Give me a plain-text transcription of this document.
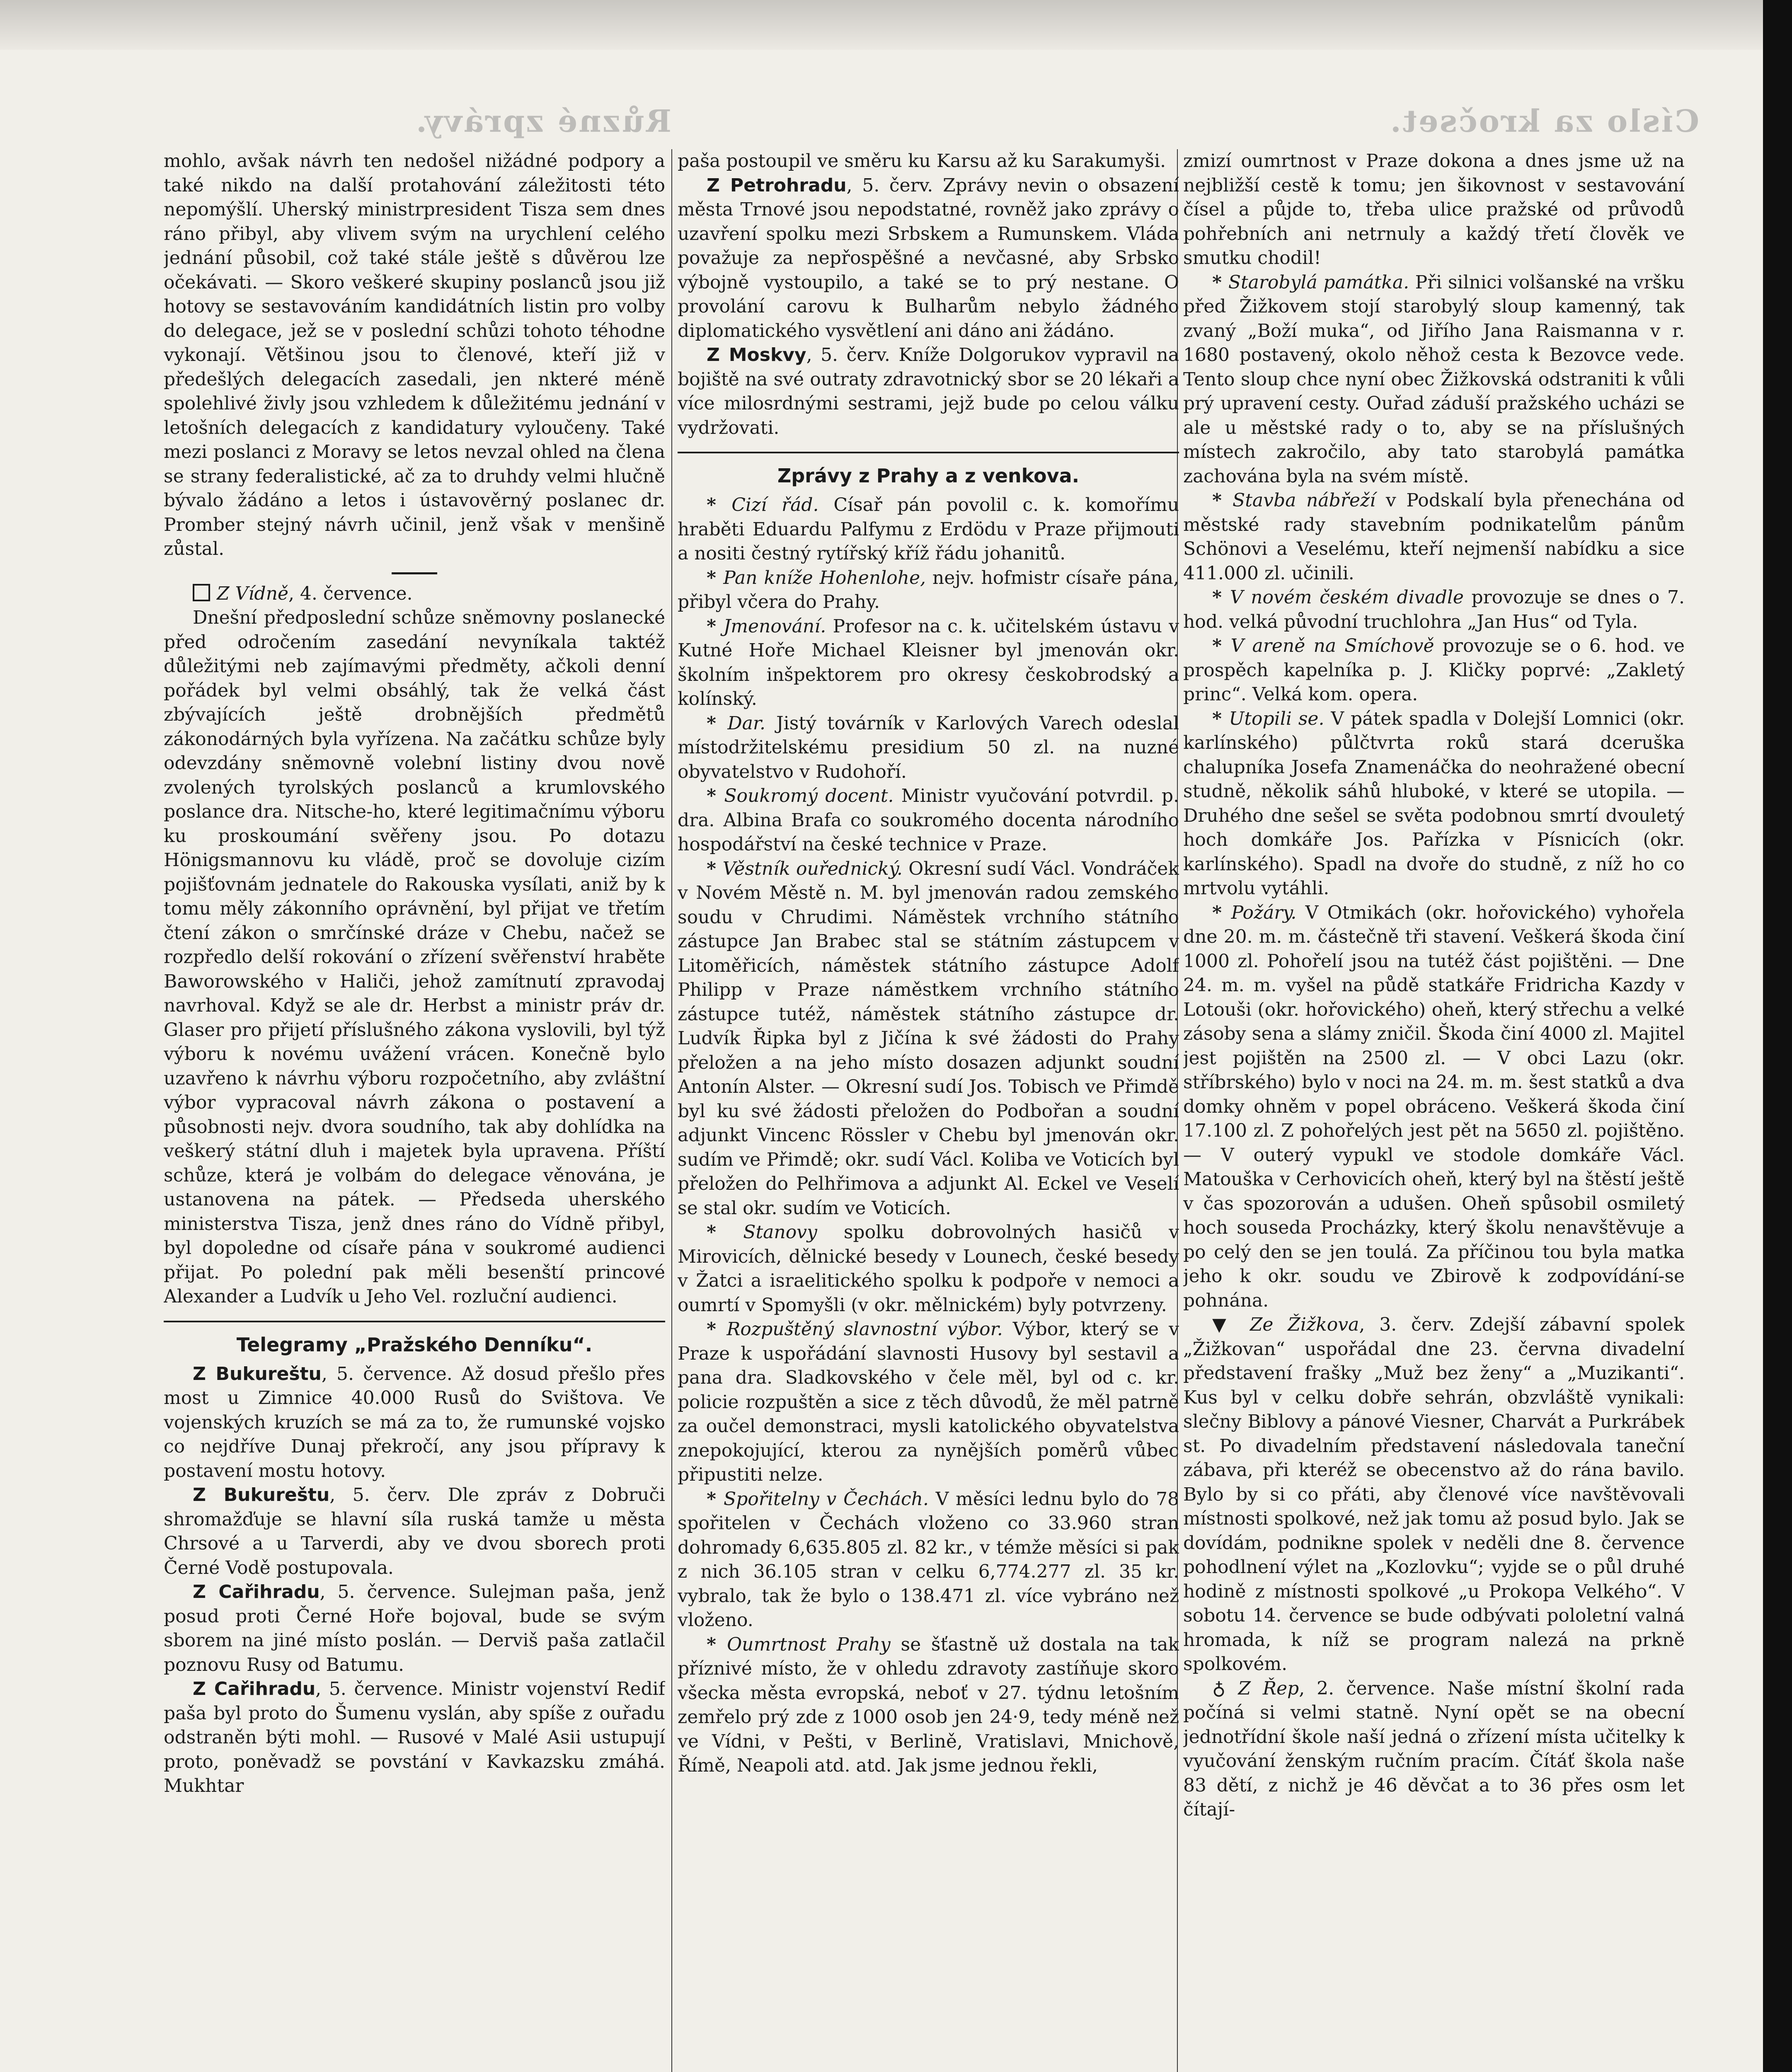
Různé zprávy.	Císlo za kročset.

mohlo, avšak návrh ten nedošel nižádné podpory a také nikdo na další protahování záležitosti této nepomýšlí. Uherský ministrpresident Tisza sem dnes ráno přibyl, aby vlivem svým na urychlení celého jednání působil, což také stále ještě s důvěrou lze očekávati. — Skoro veškeré skupiny poslanců jsou již hotovy se sestavováním kandidátních listin pro volby do delegace, jež se v poslední schůzi tohoto téhodne vykonají. Většinou jsou to členové, kteří již v předešlých delegacích zasedali, jen nkteré méně spolehlivé živly jsou vzhledem k důležitému jednání v letošních delegacích z kandidatury vyloučeny. Také mezi poslanci z Moravy se letos nevzal ohled na člena se strany federalistické, ač za to druhdy velmi hlučně bývalo žádáno a letos i ústavověrný poslanec dr. Promber stejný návrh učinil, jenž však v menšině zůstal.

Z Vídně, 4. července.

Dnešní předposlední schůze sněmovny poslanecké před odročením zasedání nevyníkala taktéž důležitými neb zajímavými předměty, ačkoli denní pořádek byl velmi obsáhlý, tak že velká část zbývajících ještě drobnějších předmětů zákonodárných byla vyřízena. Na začátku schůze byly odevzdány sněmovně volební listiny dvou nově zvolených tyrolských poslanců a krumlovského poslance dra. Nitsche-ho, které legitimačnímu výboru ku proskoumání svěřeny jsou. Po dotazu Hönigsmannovu ku vládě, proč se dovoluje cizím pojišťovnám jednatele do Rakouska vysílati, aniž by k tomu měly zákonního oprávnění, byl přijat ve třetím čtení zákon o smrčínské dráze v Chebu, načež se rozpředlo delší rokování o zřízení svěřenství hraběte Baworowského v Haliči, jehož zamítnutí zpravodaj navrhoval. Když se ale dr. Herbst a ministr práv dr. Glaser pro přijetí příslušného zákona vyslovili, byl týž výboru k novému uvážení vrácen. Konečně bylo uzavřeno k návrhu výboru rozpočetního, aby zvláštní výbor vypracoval návrh zákona o postavení a působnosti nejv. dvora soudního, tak aby dohlídka na veškerý státní dluh i majetek byla upravena. Příští schůze, která je volbám do delegace věnována, je ustanovena na pátek. — Předseda uherského ministerstva Tisza, jenž dnes ráno do Vídně přibyl, byl dopoledne od císaře pána v soukromé audienci přijat. Po polední pak měli besenští princové Alexander a Ludvík u Jeho Vel. rozluční audienci.

Telegramy „Pražského Denníku“.

Z Bukureštu, 5. července. Až dosud přešlo přes most u Zimnice 40.000 Rusů do Svištova. Ve vojenských kruzích se má za to, že rumunské vojsko co nejdříve Dunaj překročí, any jsou přípravy k postavení mostu hotovy.

Z Bukureštu, 5. červ. Dle zpráv z Dobruči shromažďuje se hlavní síla ruská tamže u města Chrsové a u Tarverdi, aby ve dvou sborech proti Černé Vodě postupovala.

Z Cařihradu, 5. července. Sulejman paša, jenž posud proti Černé Hoře bojoval, bude se svým sborem na jiné místo poslán. — Derviš paša zatlačil poznovu Rusy od Batumu.

Z Cařihradu, 5. července. Ministr vojenství Redif paša byl proto do Šumenu vyslán, aby spíše z ouřadu odstraněn býti mohl. — Rusové v Malé Asii ustupují proto, poněvadž se povstání v Kavkazsku zmáhá. Mukhtar

paša postoupil ve směru ku Karsu až ku Sarakumyši.

Z Petrohradu, 5. červ. Zprávy nevin o obsazení města Trnové jsou nepodstatné, rovněž jako zprávy o uzavření spolku mezi Srbskem a Rumunskem. Vláda považuje za nepřospěšné a nevčasné, aby Srbsko výbojně vystoupilo, a také se to prý nestane. O provolání carovu k Bulharům nebylo žádného diplomatického vysvětlení ani dáno ani žádáno.

Z Moskvy, 5. červ. Kníže Dolgorukov vypravil na bojiště na své outraty zdravotnický sbor se 20 lékaři a více milosrdnými sestrami, jejž bude po celou válku vydržovati.

Zprávy z Prahy a z venkova.

* Cizí řád. Císař pán povolil c. k. komořímu hraběti Eduardu Palfymu z Erdödu v Praze přijmouti a nositi čestný rytířský kříž řádu johanitů.

* Pan kníže Hohenlohe, nejv. hofmistr císaře pána, přibyl včera do Prahy.

* Jmenování. Profesor na c. k. učitelském ústavu v Kutné Hoře Michael Kleisner byl jmenován okr. školním inšpektorem pro okresy českobrodský a kolínský.

* Dar. Jistý továrník v Karlových Varech odeslal místodržitelskému presidium 50 zl. na nuzné obyvatelstvo v Rudohoří.

* Soukromý docent. Ministr vyučování potvrdil. p. dra. Albina Brafa co soukromého docenta národního hospodářství na české technice v Praze.

* Věstník ouřednický. Okresní sudí Václ. Vondráček v Novém Městě n. M. byl jmenován radou zemského soudu v Chrudimi. Náměstek vrchního státního zástupce Jan Brabec stal se státním zástupcem v Litoměřicích, náměstek státního zástupce Adolf Philipp v Praze náměstkem vrchního státního zástupce tutéž, náměstek státního zástupce dr. Ludvík Řipka byl z Jičína k své žádosti do Prahy přeložen a na jeho místo dosazen adjunkt soudní Antonín Alster. — Okresní sudí Jos. Tobisch ve Přimdě byl ku své žádosti přeložen do Podbořan a soudní adjunkt Vincenc Rössler v Chebu byl jmenován okr. sudím ve Přimdě; okr. sudí Václ. Koliba ve Voticích byl přeložen do Pelhřimova a adjunkt Al. Eckel ve Veselí se stal okr. sudím ve Voticích.

* Stanovy spolku dobrovolných hasičů v Mirovicích, dělnické besedy v Lounech, české besedy v Žatci a israelitického spolku k podpoře v nemoci a oumrtí v Spomyšli (v okr. mělnickém) byly potvrzeny.

* Rozpuštěný slavnostní výbor. Výbor, který se v Praze k uspořádání slavnosti Husovy byl sestavil a pana dra. Sladkovského v čele měl, byl od c. kr. policie rozpuštěn a sice z těch důvodů, že měl patrně za oučel demonstraci, mysli katolického obyvatelstva znepokojující, kterou za nynějších poměrů vůbec připustiti nelze.

* Spořitelny v Čechách. V měsíci lednu bylo do 78 spořitelen v Čechách vloženo co 33.960 stran dohromady 6,635.805 zl. 82 kr., v témže měsíci si pak z nich 36.105 stran v celku 6,774.277 zl. 35 kr. vybralo, tak že bylo o 138.471 zl. více vybráno než vloženo.

* Oumrtnost Prahy se šťastně už dostala na tak příznivé místo, že v ohledu zdravoty zastíňuje skoro všecka města evropská, neboť v 27. týdnu letošním zemřelo prý zde z 1000 osob jen 24·9, tedy méně než ve Vídni, v Pešti, v Berlině, Vratislavi, Mnichově, Římě, Neapoli atd. atd. Jak jsme jednou řekli,

zmizí oumrtnost v Praze dokona a dnes jsme už na nejbližší cestě k tomu; jen šikovnost v sestavování čísel a půjde to, třeba ulice pražské od průvodů pohřebních ani netrnuly a každý třetí člověk ve smutku chodil!

* Starobylá památka. Při silnici volšanské na vršku před Žižkovem stojí starobylý sloup kamenný, tak zvaný „Boží muka“, od Jiřího Jana Raismanna v r. 1680 postavený, okolo něhož cesta k Bezovce vede. Tento sloup chce nyní obec Žižkovská odstraniti k vůli prý upravení cesty. Ouřad záduší pražského ucházi se ale u městské rady o to, aby se na příslušných místech zakročilo, aby tato starobylá památka zachována byla na svém místě.

* Stavba nábřeží v Podskalí byla přenechána od městské rady stavebním podnikatelům pánům Schönovi a Veselému, kteří nejmenší nabídku a sice 411.000 zl. učinili.

* V novém českém divadle provozuje se dnes o 7. hod. velká původní truchlohra „Jan Hus“ od Tyla.

* V areně na Smíchově provozuje se o 6. hod. ve prospěch kapelníka p. J. Kličky poprvé: „Zakletý princ“. Velká kom. opera.

* Utopili se. V pátek spadla v Dolejší Lomnici (okr. karlínského) půlčtvrta roků stará dceruška chalupníka Josefa Znamenáčka do neohražené obecní studně, několik sáhů hluboké, v které se utopila. — Druhého dne sešel se světa podobnou smrtí dvouletý hoch domkáře Jos. Pařízka v Písnicích (okr. karlínského). Spadl na dvoře do studně, z níž ho co mrtvolu vytáhli.

* Požáry. V Otmikách (okr. hořovického) vyhořela dne 20. m. m. částečně tři stavení. Veškerá škoda činí 1000 zl. Pohořelí jsou na tutéž část pojištěni. — Dne 24. m. m. vyšel na půdě statkáře Fridricha Kazdy v Lotouši (okr. hořovického) oheň, který střechu a velké zásoby sena a slámy zničil. Škoda činí 4000 zl. Majitel jest pojištěn na 2500 zl. — V obci Lazu (okr. stříbrského) bylo v noci na 24. m. m. šest statků a dva domky ohněm v popel obráceno. Veškerá škoda činí 17.100 zl. Z pohořelých jest pět na 5650 zl. pojištěno. — V outerý vypukl ve stodole domkáře Václ. Matouška v Cerhovicích oheň, který byl na štěstí ještě v čas spozorován a udušen. Oheň spůsobil osmiletý hoch souseda Procházky, který školu nenavštěvuje a po celý den se jen toulá. Za příčinou tou byla matka jeho k okr. soudu ve Zbirově k zodpovídání-se pohnána.

▼ Ze Žižkova, 3. červ. Zdejší zábavní spolek „Žižkovan“ uspořádal dne 23. června divadelní představení frašky „Muž bez ženy“ a „Muzikanti“. Kus byl v celku dobře sehrán, obzvláště vynikali: slečny Biblovy a pánové Viesner, Charvát a Purkrábek st. Po divadelním představení následovala taneční zábava, při kteréž se obecenstvo až do rána bavilo. Bylo by si co přáti, aby členové více navštěvovali místnosti spolkové, než jak tomu až posud bylo. Jak se dovídám, podnikne spolek v neděli dne 8. července pohodlnení výlet na „Kozlovku“; vyjde se o půl druhé hodině z místnosti spolkové „u Prokopa Velkého“. V sobotu 14. července se bude odbývati pololetní valná hromada, k níž se program nalezá na prkně spolkovém.

♁ Z Řep, 2. července. Naše místní školní rada počíná si velmi statně. Nyní opět se na obecní jednotřídní škole naší jedná o zřízení místa učitelky k vyučování ženským ručním pracím. Čítáť škola naše 83 dětí, z nichž je 46 děvčat a to 36 přes osm let čítají-
